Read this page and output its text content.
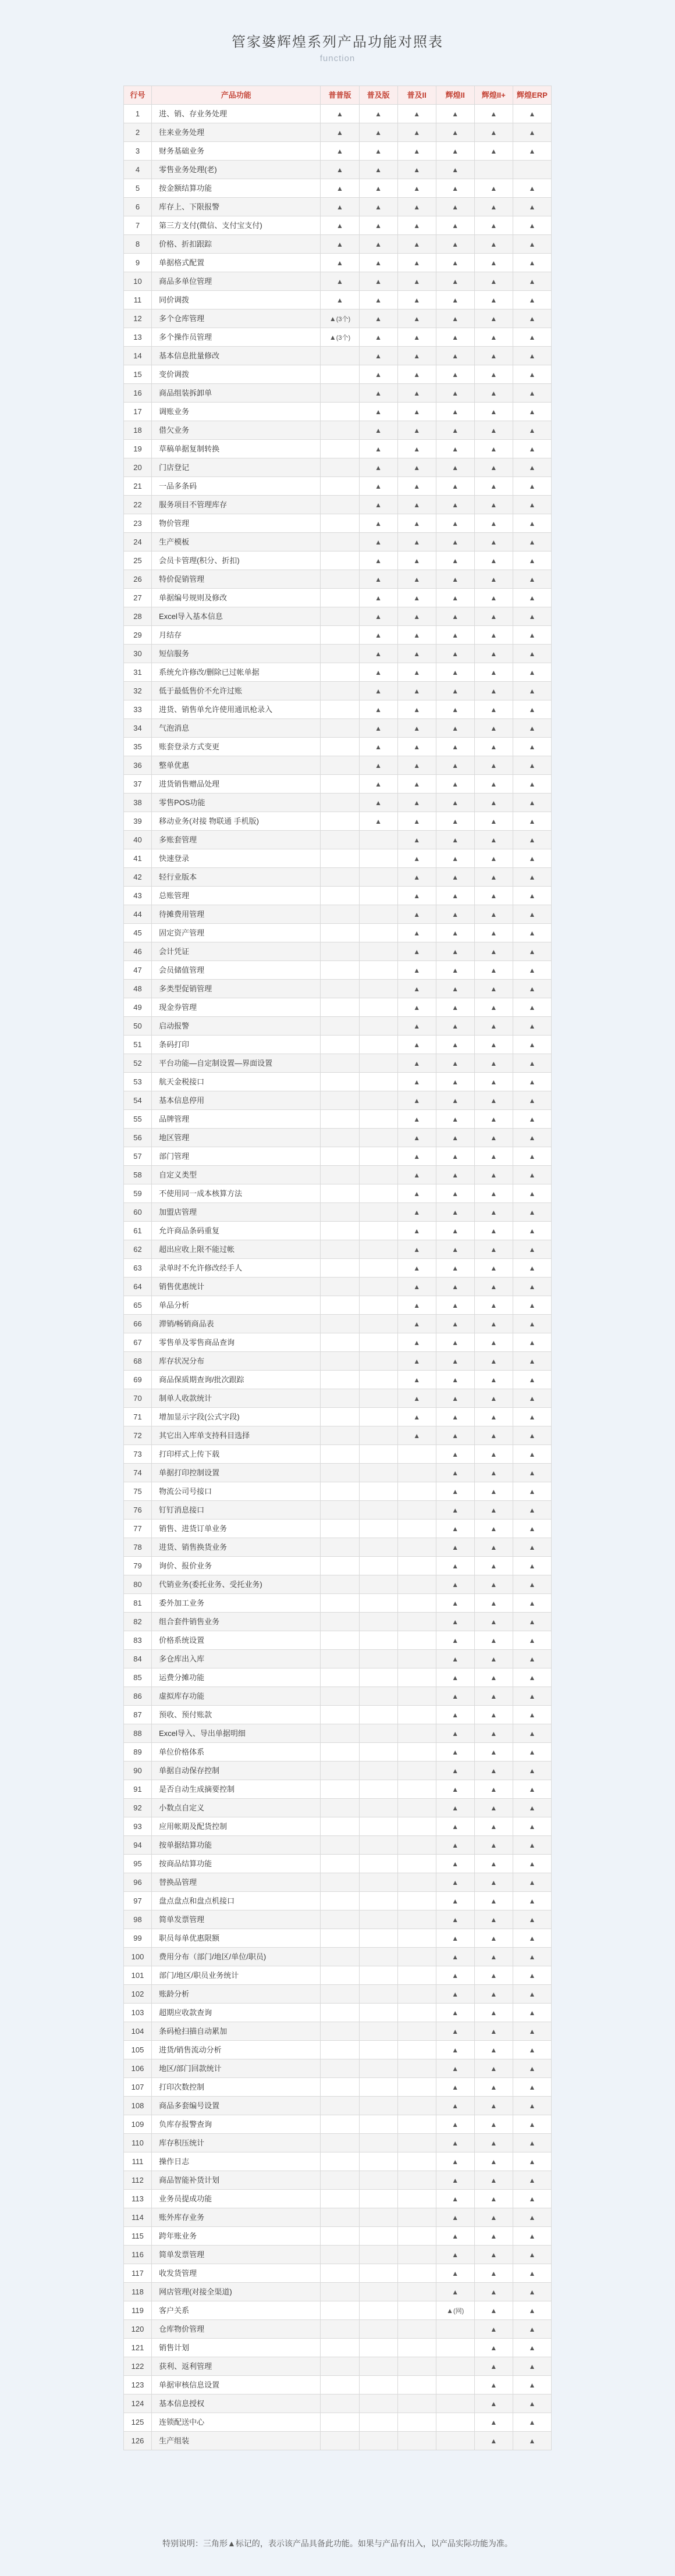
管家婆辉煌系列产品功能对照表
function
行号	产品功能	普普版	普及版	普及II	辉煌II	辉煌II+	辉煌ERP
1	进、销、存业务处理	▲	▲	▲	▲	▲	▲
2	往来业务处理	▲	▲	▲	▲	▲	▲
3	财务基础业务	▲	▲	▲	▲	▲	▲
4	零售业务处理(老)	▲	▲	▲	▲		
5	按金额结算功能	▲	▲	▲	▲	▲	▲
6	库存上、下限报警	▲	▲	▲	▲	▲	▲
7	第三方支付(微信、支付宝支付)	▲	▲	▲	▲	▲	▲
8	价格、折扣跟踪	▲	▲	▲	▲	▲	▲
9	单据格式配置	▲	▲	▲	▲	▲	▲
10	商品多单位管理	▲	▲	▲	▲	▲	▲
11	同价调拨	▲	▲	▲	▲	▲	▲
12	多个仓库管理	▲(3个)	▲	▲	▲	▲	▲
13	多个操作员管理	▲(3个)	▲	▲	▲	▲	▲
14	基本信息批量修改		▲	▲	▲	▲	▲
15	变价调拨		▲	▲	▲	▲	▲
16	商品组装拆卸单		▲	▲	▲	▲	▲
17	调账业务		▲	▲	▲	▲	▲
18	借欠业务		▲	▲	▲	▲	▲
19	草稿单据复制转换		▲	▲	▲	▲	▲
20	门店登记		▲	▲	▲	▲	▲
21	一品多条码		▲	▲	▲	▲	▲
22	服务项目不管理库存		▲	▲	▲	▲	▲
23	物价管理		▲	▲	▲	▲	▲
24	生产模板		▲	▲	▲	▲	▲
25	会员卡管理(积分、折扣)		▲	▲	▲	▲	▲
26	特价促销管理		▲	▲	▲	▲	▲
27	单据编号规则及修改		▲	▲	▲	▲	▲
28	Excel导入基本信息		▲	▲	▲	▲	▲
29	月结存		▲	▲	▲	▲	▲
30	短信服务		▲	▲	▲	▲	▲
31	系统允许修改/删除已过帐单据		▲	▲	▲	▲	▲
32	低于最低售价不允许过账		▲	▲	▲	▲	▲
33	进货、销售单允许使用通讯枪录入		▲	▲	▲	▲	▲
34	气泡消息		▲	▲	▲	▲	▲
35	账套登录方式变更		▲	▲	▲	▲	▲
36	整单优惠		▲	▲	▲	▲	▲
37	进货销售赠品处理		▲	▲	▲	▲	▲
38	零售POS功能		▲	▲	▲	▲	▲
39	移动业务(对接 物联通 手机版)		▲	▲	▲	▲	▲
40	多账套管理			▲	▲	▲	▲
41	快速登录			▲	▲	▲	▲
42	轻行业版本			▲	▲	▲	▲
43	总账管理			▲	▲	▲	▲
44	待摊费用管理			▲	▲	▲	▲
45	固定资产管理			▲	▲	▲	▲
46	会计凭证			▲	▲	▲	▲
47	会员储值管理			▲	▲	▲	▲
48	多类型促销管理			▲	▲	▲	▲
49	现金券管理			▲	▲	▲	▲
50	启动报警			▲	▲	▲	▲
51	条码打印			▲	▲	▲	▲
52	平台功能—自定制设置—界面设置			▲	▲	▲	▲
53	航天金税接口			▲	▲	▲	▲
54	基本信息停用			▲	▲	▲	▲
55	品牌管理			▲	▲	▲	▲
56	地区管理			▲	▲	▲	▲
57	部门管理			▲	▲	▲	▲
58	自定义类型			▲	▲	▲	▲
59	不使用同一成本核算方法			▲	▲	▲	▲
60	加盟店管理			▲	▲	▲	▲
61	允许商品条码重复			▲	▲	▲	▲
62	超出应收上限不能过帐			▲	▲	▲	▲
63	录单时不允许修改经手人			▲	▲	▲	▲
64	销售优惠统计			▲	▲	▲	▲
65	单品分析			▲	▲	▲	▲
66	滞销/畅销商品表			▲	▲	▲	▲
67	零售单及零售商品查询			▲	▲	▲	▲
68	库存状况分布			▲	▲	▲	▲
69	商品保质期查询/批次跟踪			▲	▲	▲	▲
70	制单人收款统计			▲	▲	▲	▲
71	增加显示字段(公式字段)			▲	▲	▲	▲
72	其它出入库单支持科目选择			▲	▲	▲	▲
73	打印样式上传下载				▲	▲	▲
74	单据打印控制设置				▲	▲	▲
75	物流公司号接口				▲	▲	▲
76	钉钉消息接口				▲	▲	▲
77	销售、进货订单业务				▲	▲	▲
78	进货、销售换货业务				▲	▲	▲
79	询价、报价业务				▲	▲	▲
80	代销业务(委托业务、受托业务)				▲	▲	▲
81	委外加工业务				▲	▲	▲
82	组合套件销售业务				▲	▲	▲
83	价格系统设置				▲	▲	▲
84	多仓库出入库				▲	▲	▲
85	运费分摊功能				▲	▲	▲
86	虚拟库存功能				▲	▲	▲
87	预收、预付账款				▲	▲	▲
88	Excel导入、导出单据明细				▲	▲	▲
89	单位价格体系				▲	▲	▲
90	单据自动保存控制				▲	▲	▲
91	是否自动生成摘要控制				▲	▲	▲
92	小数点自定义				▲	▲	▲
93	应用帐期及配货控制				▲	▲	▲
94	按单据结算功能				▲	▲	▲
95	按商品结算功能				▲	▲	▲
96	替换品管理				▲	▲	▲
97	盘点盘点和盘点机接口				▲	▲	▲
98	简单发票管理				▲	▲	▲
99	职员每单优惠限额				▲	▲	▲
100	费用分布（部门/地区/单位/职员)				▲	▲	▲
101	部门/地区/职员业务统计				▲	▲	▲
102	账龄分析				▲	▲	▲
103	超期应收款查询				▲	▲	▲
104	条码枪扫描自动累加				▲	▲	▲
105	进货/销售流动分析				▲	▲	▲
106	地区/部门回款统计				▲	▲	▲
107	打印次数控制				▲	▲	▲
108	商品多套编号设置				▲	▲	▲
109	负库存报警查询				▲	▲	▲
110	库存积压统计				▲	▲	▲
111	操作日志				▲	▲	▲
112	商品智能补货计划				▲	▲	▲
113	业务员提成功能				▲	▲	▲
114	账外库存业务				▲	▲	▲
115	跨年账业务				▲	▲	▲
116	简单发票管理				▲	▲	▲
117	收发货管理				▲	▲	▲
118	网店管理(对接全渠道)				▲	▲	▲
119	客户关系				▲(网)	▲	▲
120	仓库物价管理					▲	▲
121	销售计划					▲	▲
122	获利、返利管理					▲	▲
123	单据审核信息设置					▲	▲
124	基本信息授权					▲	▲
125	连锁配送中心					▲	▲
126	生产组装					▲	▲
特别说明：三角形▲标记的，表示该产品具备此功能。如果与产品有出入，以产品实际功能为准。
